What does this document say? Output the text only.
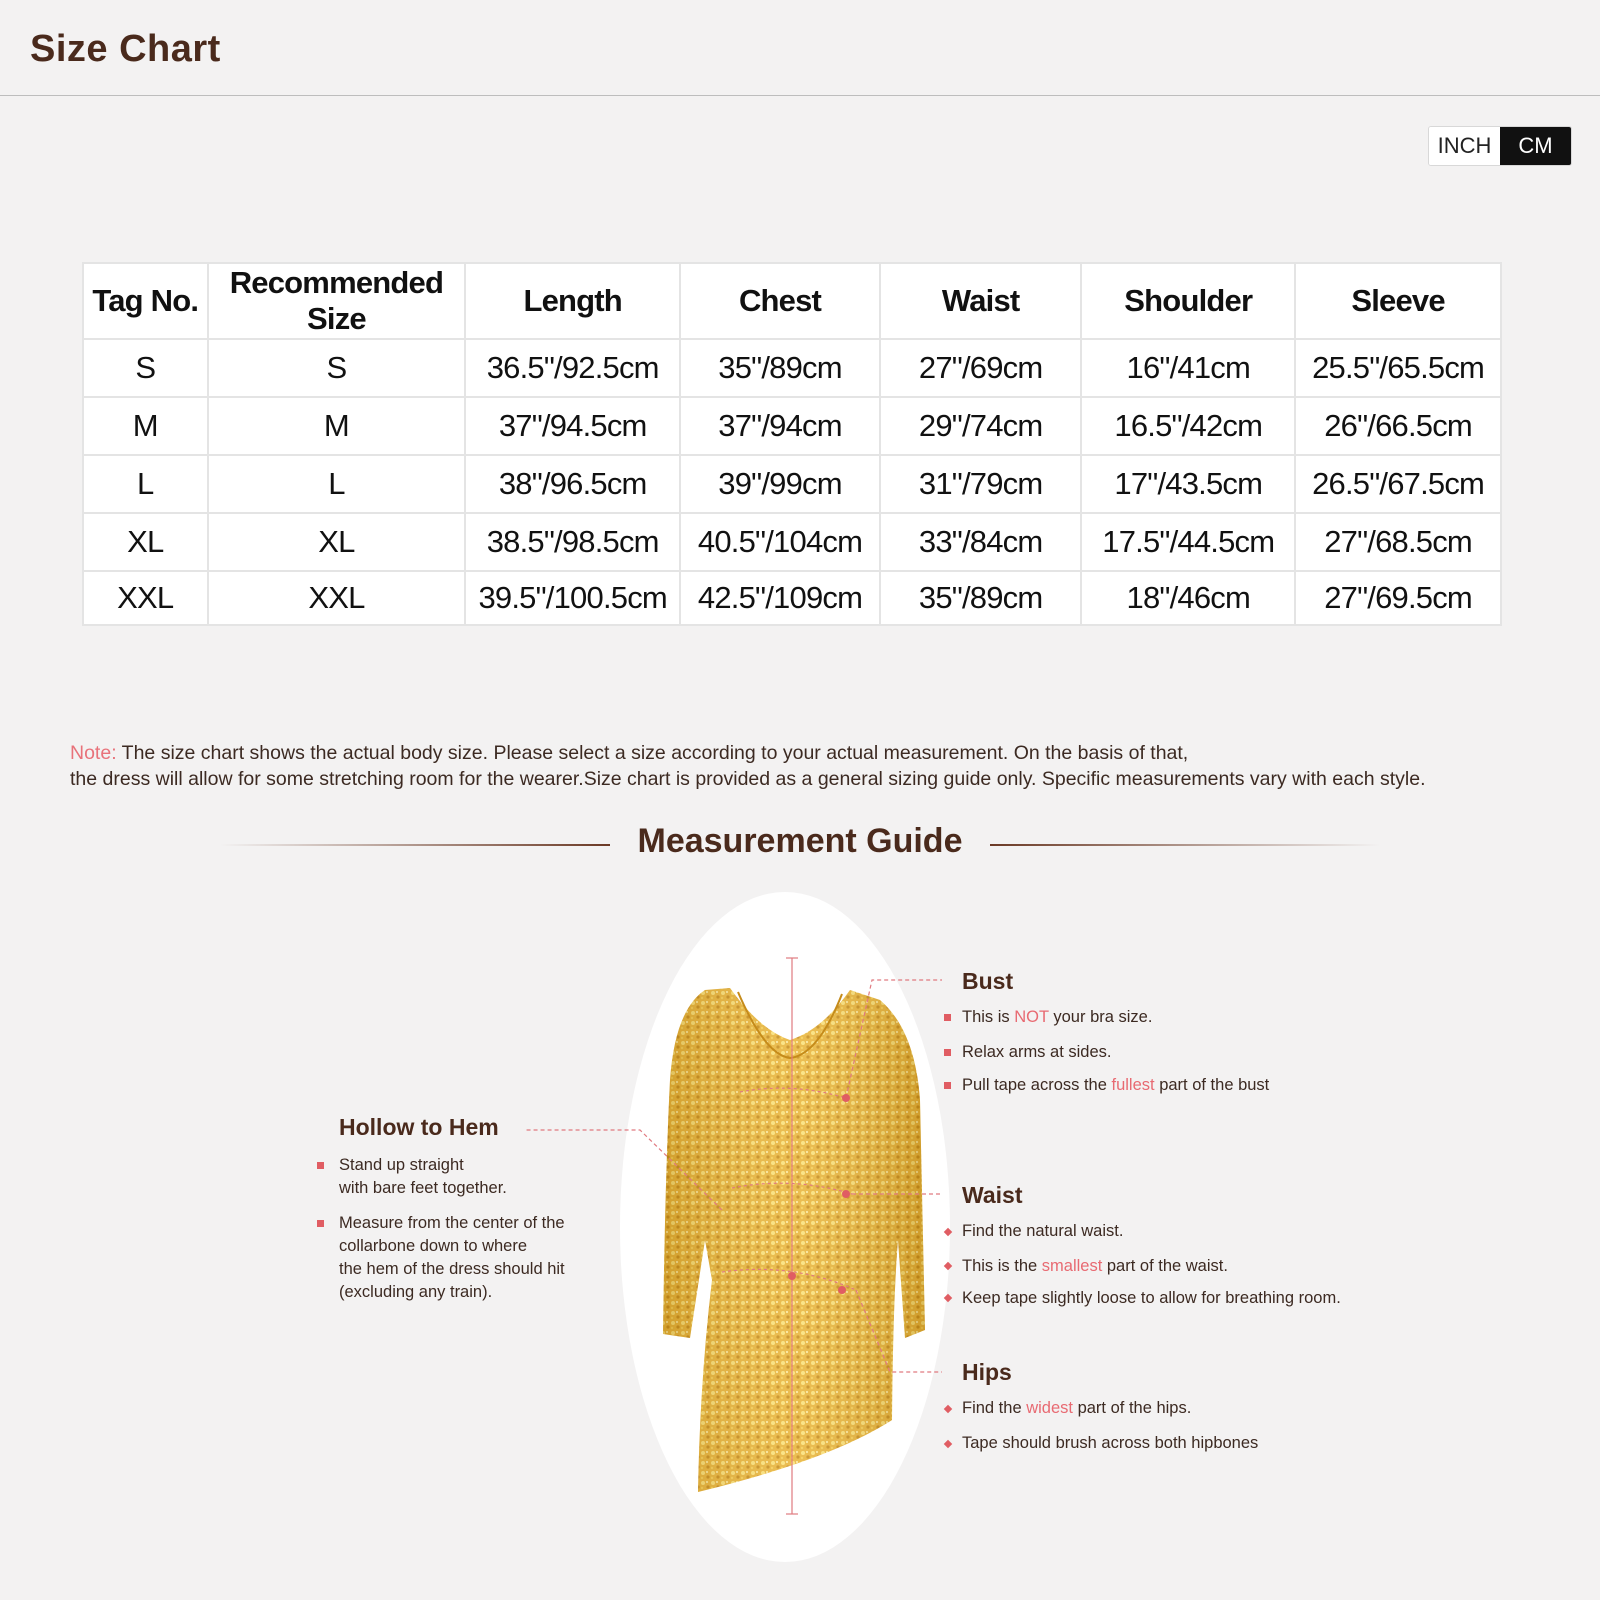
Size Chart
INCH	CM
Tag No.	Recommended Size	Length	Chest	Waist	Shoulder	Sleeve
S	S	36.5"/92.5cm	35"/89cm	27"/69cm	16"/41cm	25.5"/65.5cm
M	M	37"/94.5cm	37"/94cm	29"/74cm	16.5"/42cm	26"/66.5cm
L	L	38"/96.5cm	39"/99cm	31"/79cm	17"/43.5cm	26.5"/67.5cm
XL	XL	38.5"/98.5cm	40.5"/104cm	33"/84cm	17.5"/44.5cm	27"/68.5cm
XXL	XXL	39.5"/100.5cm	42.5"/109cm	35"/89cm	18"/46cm	27"/69.5cm
Note: The size chart shows the actual body size. Please select a size according to your actual measurement. On the basis of that,
the dress will allow for some stretching room for the wearer.Size chart is provided as a general sizing guide only. Specific measurements vary with each style.
Measurement Guide
Hollow to Hem
Stand up straight
with bare feet together.
Measure from the center of the
collarbone down to where
the hem of the dress should hit
(excluding any train).
Bust
This is NOT your bra size.
Relax arms at sides.
Pull tape across the fullest part of the bust
Waist
Find the natural waist.
This is the smallest part of the waist.
Keep tape slightly loose to allow for breathing room.
Hips
Find the widest part of the hips.
Tape should brush across both hipbones
